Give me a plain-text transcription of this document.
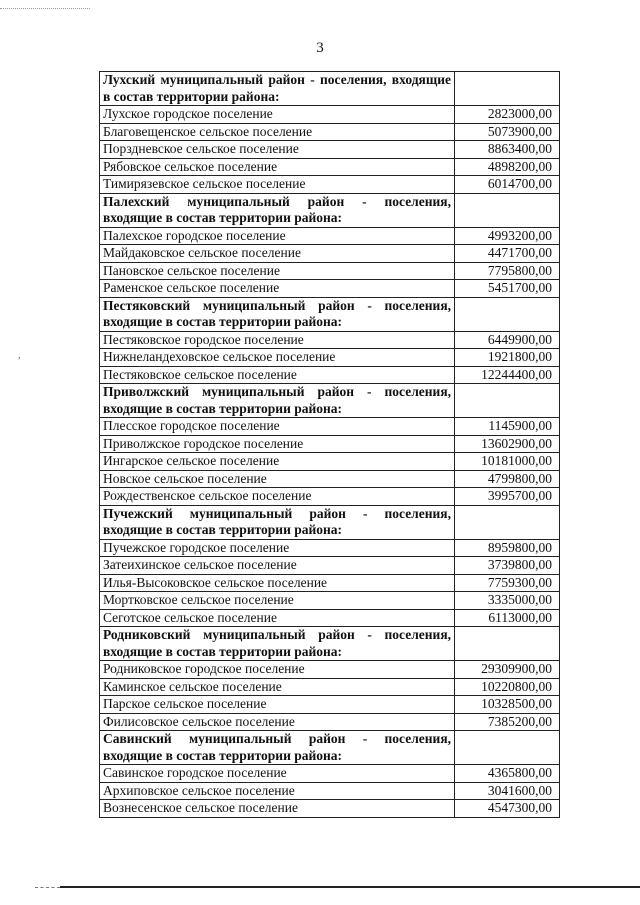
3
,
Лухский муниципальный район - поселения, входящие в состав территории района:	
Лухское городское поселение	2823000,00
Благовещенское сельское поселение	5073900,00
Порздневское сельское поселение	8863400,00
Рябовское сельское поселение	4898200,00
Тимирязевское сельское поселение	6014700,00
Палехский муниципальный район - поселения, входящие в состав территории района:	
Палехское городское поселение	4993200,00
Майдаковское сельское поселение	4471700,00
Пановское сельское поселение	7795800,00
Раменское сельское поселение	5451700,00
Пестяковский муниципальный район - поселения, входящие в состав территории района:	
Пестяковское городское поселение	6449900,00
Нижнеландеховское сельское поселение	1921800,00
Пестяковское сельское поселение	12244400,00
Приволжский муниципальный район - поселения, входящие в состав территории района:	
Плесское городское поселение	1145900,00
Приволжское городское поселение	13602900,00
Ингарское сельское поселение	10181000,00
Новское сельское поселение	4799800,00
Рождественское сельское поселение	3995700,00
Пучежский муниципальный район - поселения, входящие в состав территории района:	
Пучежское городское поселение	8959800,00
Затеихинское сельское поселение	3739800,00
Илья-Высоковское сельское поселение	7759300,00
Мортковское сельское поселение	3335000,00
Сеготское сельское поселение	6113000,00
Родниковский муниципальный район - поселения, входящие в состав территории района:	
Родниковское городское поселение	29309900,00
Каминское сельское поселение	10220800,00
Парское сельское поселение	10328500,00
Филисовское сельское поселение	7385200,00
Савинский муниципальный район - поселения, входящие в состав территории района:	
Савинское городское поселение	4365800,00
Архиповское сельское поселение	3041600,00
Вознесенское сельское поселение	4547300,00
